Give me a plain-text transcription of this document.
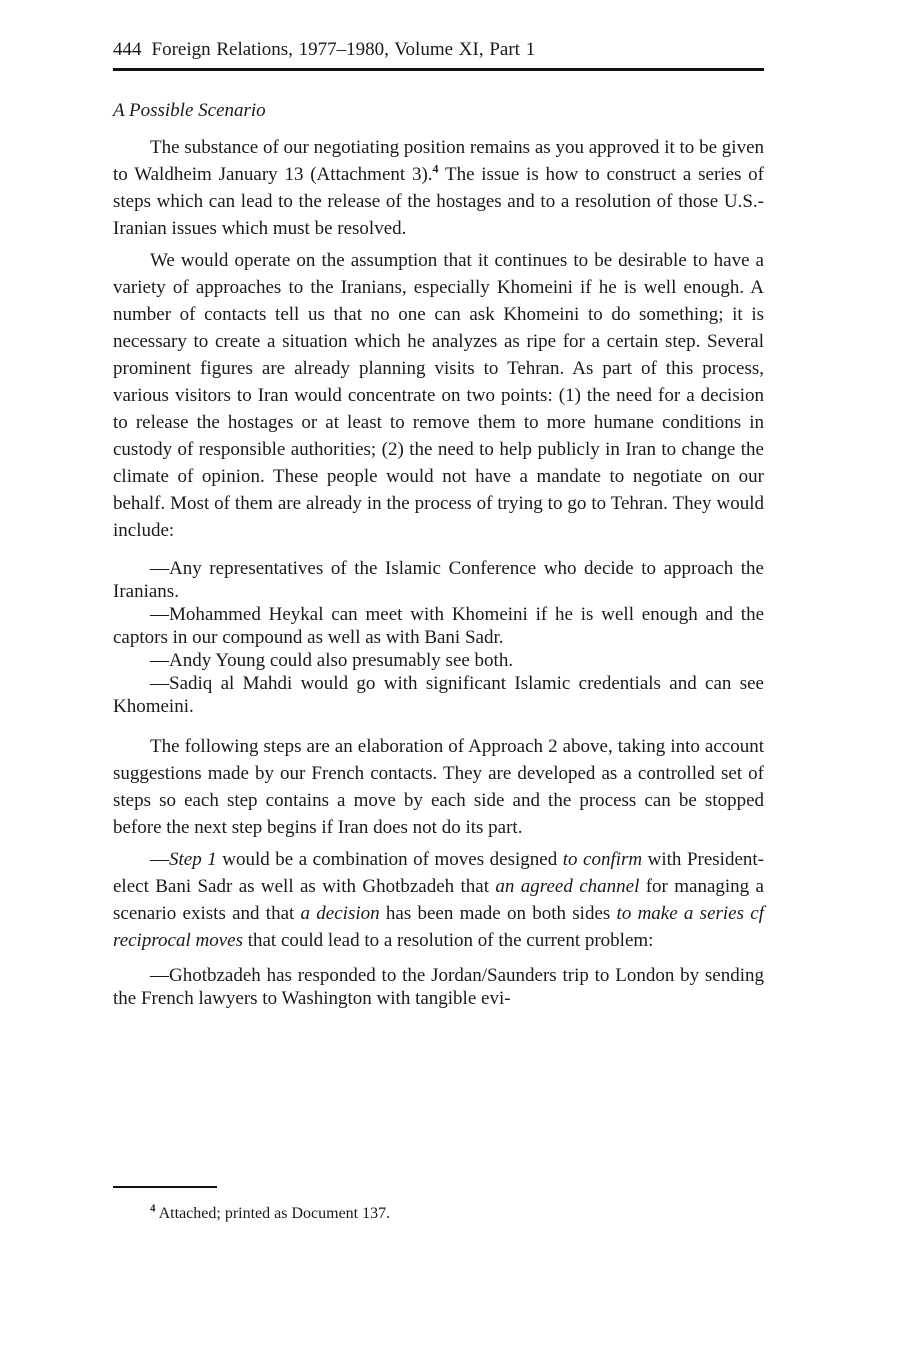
444 Foreign Relations, 1977–1980, Volume XI, Part 1
A Possible Scenario

The substance of our negotiating position remains as you approved it to be given to Waldheim January 13 (Attachment 3).$^4$ The issue is how to construct a series of steps which can lead to the release of the hostages and to a resolution of those U.S.-Iranian issues which must be resolved.

We would operate on the assumption that it continues to be desirable to have a variety of approaches to the Iranians, especially Khomeini if he is well enough. A number of contacts tell us that no one can ask Khomeini to do something; it is necessary to create a situation which he analyzes as ripe for a certain step. Several prominent figures are already planning visits to Tehran. As part of this process, various visitors to Iran would concentrate on two points: (1) the need for a decision to release the hostages or at least to remove them to more humane conditions in custody of responsible authorities; (2) the need to help publicly in Iran to change the climate of opinion. These people would not have a mandate to negotiate on our behalf. Most of them are already in the process of trying to go to Tehran. They would include:

—Any representatives of the Islamic Conference who decide to approach the Iranians.

—Mohammed Heykal can meet with Khomeini if he is well enough and the captors in our compound as well as with Bani Sadr.

—Andy Young could also presumably see both.

—Sadiq al Mahdi would go with significant Islamic credentials and can see Khomeini.

The following steps are an elaboration of Approach 2 above, taking into account suggestions made by our French contacts. They are developed as a controlled set of steps so each step contains a move by each side and the process can be stopped before the next step begins if Iran does not do its part.

—Step 1 would be a combination of moves designed to confirm with President-elect Bani Sadr as well as with Ghotbzadeh that an agreed channel for managing a scenario exists and that a decision has been made on both sides to make a series cf reciprocal moves that could lead to a resolution of the current problem:

—Ghotbzadeh has responded to the Jordan/Saunders trip to London by sending the French lawyers to Washington with tangible evi-

$^4$ Attached; printed as Document 137.
